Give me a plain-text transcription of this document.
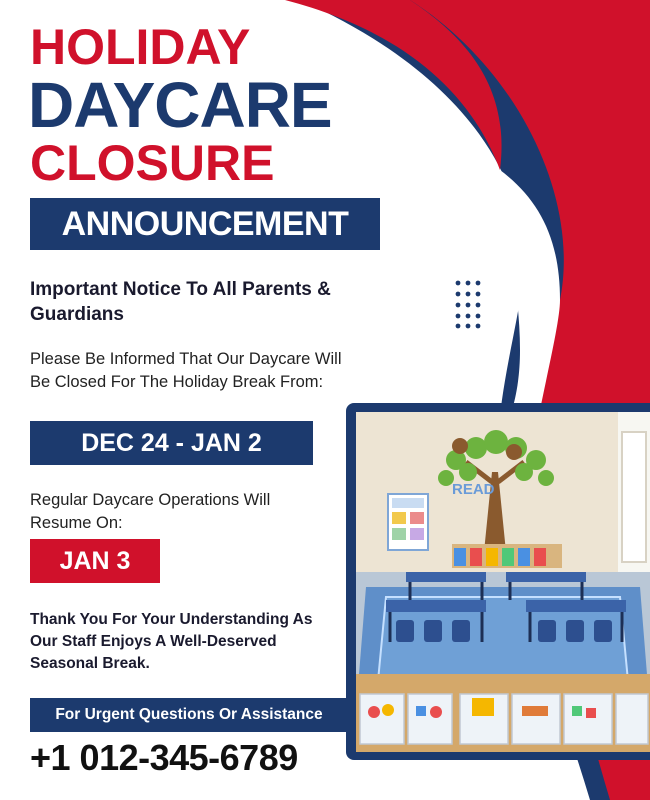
HOLIDAY
DAYCARE
CLOSURE
ANNOUNCEMENT
Important Notice To All Parents & Guardians
Please Be Informed That Our Daycare Will Be Closed For The Holiday Break From:
DEC 24 - JAN 2
Regular Daycare Operations Will Resume On:
JAN 3
Thank You For Your Understanding As Our Staff Enjoys A Well-Deserved Seasonal Break.
For Urgent Questions Or Assistance
+1 012-345-6789
READ
